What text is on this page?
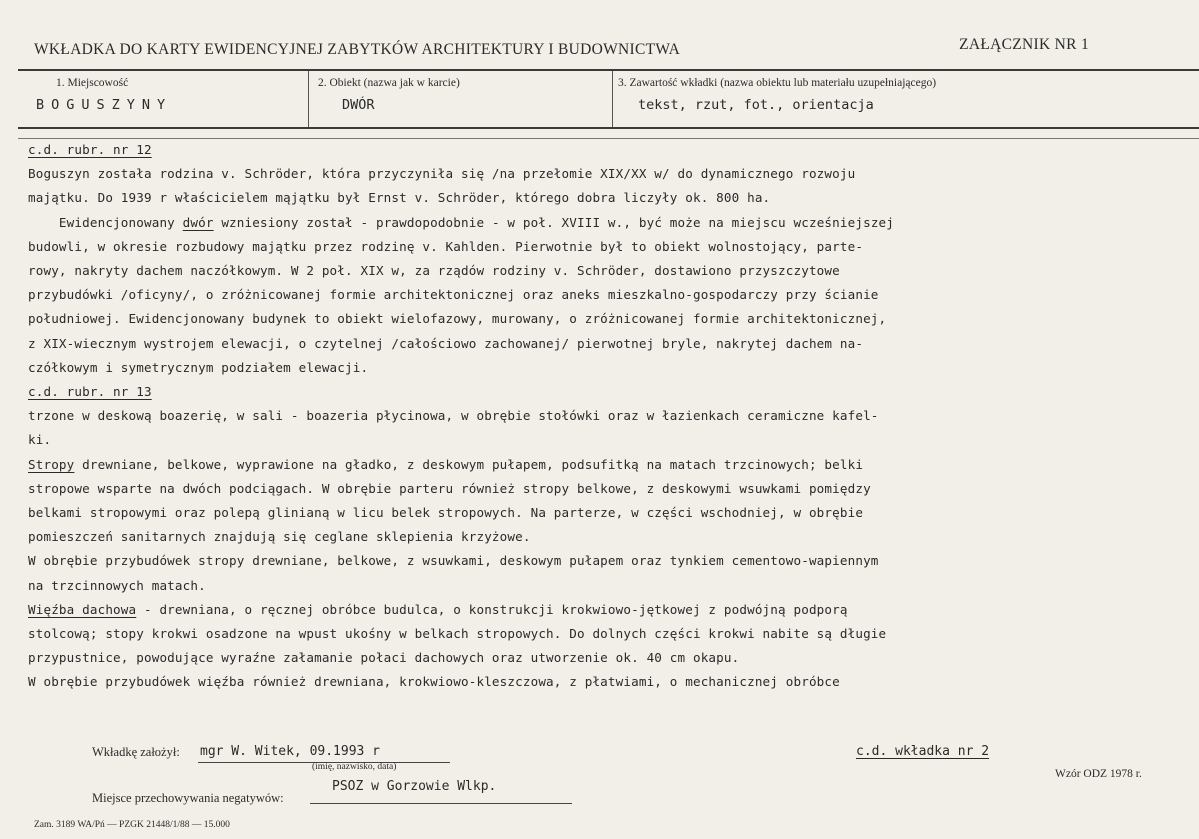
WKŁADKA DO KARTY EWIDENCYJNEJ ZABYTKÓW ARCHITEKTURY I BUDOWNICTWA	ZAŁĄCZNIK NR 1
1. Miejscowość
BOGUSZYNY
2. Obiekt (nazwa jak w karcie)
DWÓR
3. Zawartość wkładki (nazwa obiektu lub materiału uzupełniającego)
tekst, rzut, fot., orientacja
c.d. rubr. nr 12
Boguszyn została rodzina v. Schröder, która przyczyniła się /na przełomie XIX/XX w/ do dynamicznego rozwoju
majątku. Do 1939 r właścicielem mąjątku był Ernst v. Schröder, którego dobra liczyły ok. 800 ha.
Ewidencjonowany dwór wzniesiony został - prawdopodobnie - w poł. XVIII w., być może na miejscu wcześniejszej
budowli, w okresie rozbudowy majątku przez rodzinę v. Kahlden. Pierwotnie był to obiekt wolnostojący, parte-
rowy, nakryty dachem naczółkowym. W 2 poł. XIX w, za rządów rodziny v. Schröder, dostawiono przyszczytowe
przybudówki /oficyny/, o zróżnicowanej formie architektonicznej oraz aneks mieszkalno-gospodarczy przy ścianie
południowej. Ewidencjonowany budynek to obiekt wielofazowy, murowany, o zróżnicowanej formie architektonicznej,
z XIX-wiecznym wystrojem elewacji, o czytelnej /całościowo zachowanej/ pierwotnej bryle, nakrytej dachem na-
czółkowym i symetrycznym podziałem elewacji.
c.d. rubr. nr 13
trzone w deskową boazerię, w sali - boazeria płycinowa, w obrębie stołówki oraz w łazienkach ceramiczne kafel-
ki.
Stropy drewniane, belkowe, wyprawione na gładko, z deskowym pułapem, podsufitką na matach trzcinowych; belki
stropowe wsparte na dwóch podciągach. W obrębie parteru również stropy belkowe, z deskowymi wsuwkami pomiędzy
belkami stropowymi oraz polepą glinianą w licu belek stropowych. Na parterze, w części wschodniej, w obrębie
pomieszczeń sanitarnych znajdują się ceglane sklepienia krzyżowe.
W obrębie przybudówek stropy drewniane, belkowe, z wsuwkami, deskowym pułapem oraz tynkiem cementowo-wapiennym
na trzcinnowych matach.
Więźba dachowa - drewniana, o ręcznej obróbce budulca, o konstrukcji krokwiowo-jętkowej z podwójną podporą
stolcową; stopy krokwi osadzone na wpust ukośny w belkach stropowych. Do dolnych części krokwi nabite są długie
przypustnice, powodujące wyraźne załamanie połaci dachowych oraz utworzenie ok. 40 cm okapu.
W obrębie przybudówek więźba również drewniana, krokwiowo-kleszczowa, z płatwiami, o mechanicznej obróbce
Wkładkę założył: mgr W. Witek, 09.1993 r
(imię, nazwisko, data)
c.d. wkładka nr 2
Wzór ODZ 1978 r.
PSOZ w Gorzowie Wlkp.
Miejsce przechowywania negatywów:
Zam. 3189 WA/Pń — PZGK 21448/1/88 — 15.000
